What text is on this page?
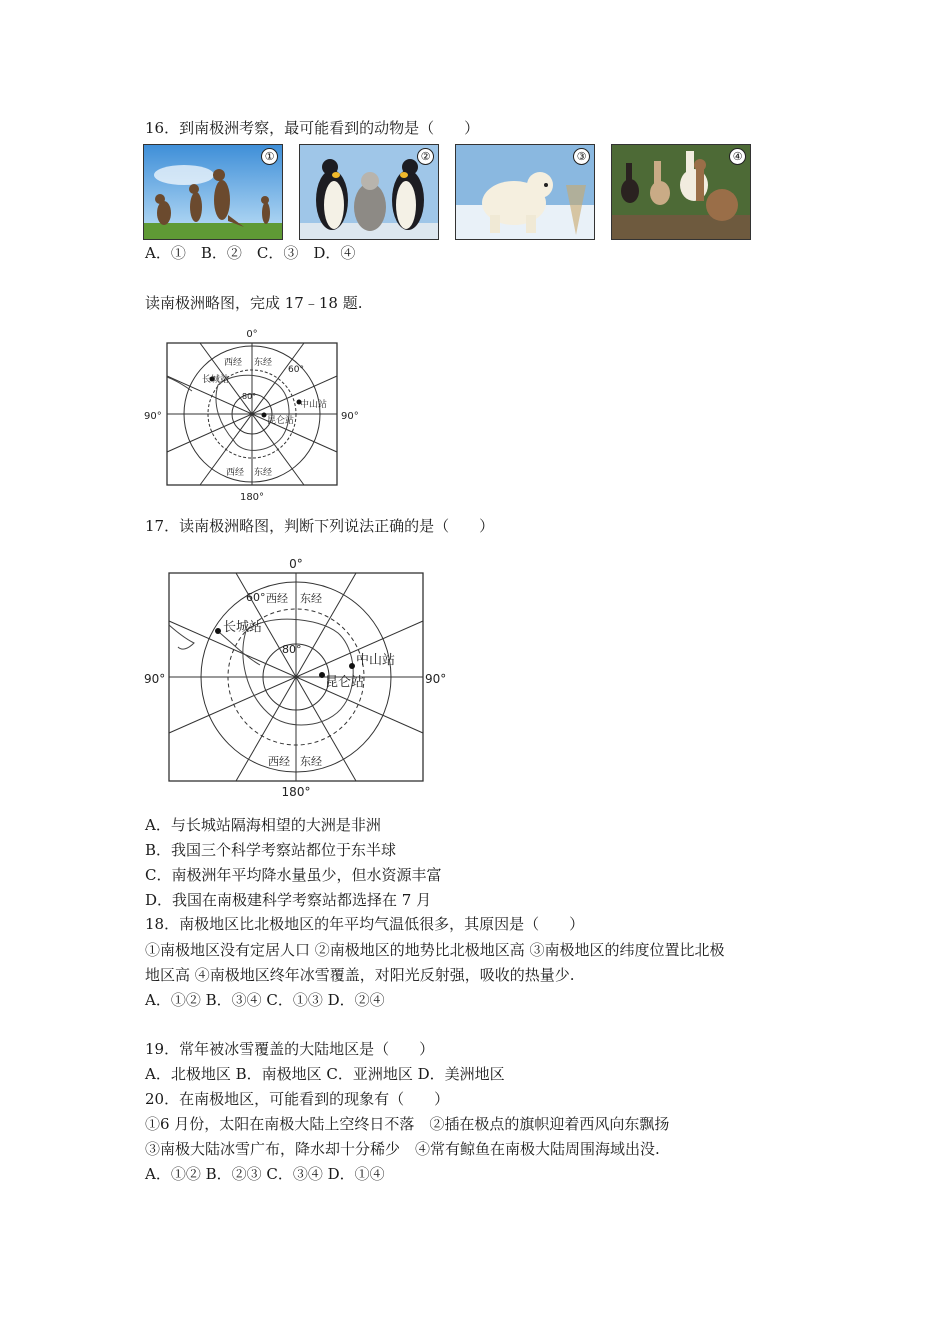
16．到南极洲考察，最可能看到的动物是（　　）
①	②	③	④
A．①　B．②　C．③　D．④
读南极洲略图，完成 17﹣18 题.
0°
180°
90°	90°
西经 东经
西经 东经
60°
80°
长城站
中山站
昆仑站
17．读南极洲略图，判断下列说法正确的是（　　）
0°
180°
90°	90°
西经 东经
西经 东经
60°
80°
长城站
中山站
昆仑站
A．与长城站隔海相望的大洲是非洲
B．我国三个科学考察站都位于东半球
C．南极洲年平均降水量虽少，但水资源丰富
D．我国在南极建科学考察站都选择在 7 月
18．南极地区比北极地区的年平均气温低很多，其原因是（　　）
①南极地区没有定居人口 ②南极地区的地势比北极地区高 ③南极地区的纬度位置比北极
地区高 ④南极地区终年冰雪覆盖，对阳光反射强，吸收的热量少.
A．①② B．③④ C．①③ D．②④
19．常年被冰雪覆盖的大陆地区是（　　）
A．北极地区 B．南极地区 C．亚洲地区 D．美洲地区
20．在南极地区，可能看到的现象有（　　）
①6 月份，太阳在南极大陆上空终日不落　②插在极点的旗帜迎着西风向东飘扬
③南极大陆冰雪广布，降水却十分稀少　④常有鲸鱼在南极大陆周围海域出没.
A．①② B．②③ C．③④ D．①④
